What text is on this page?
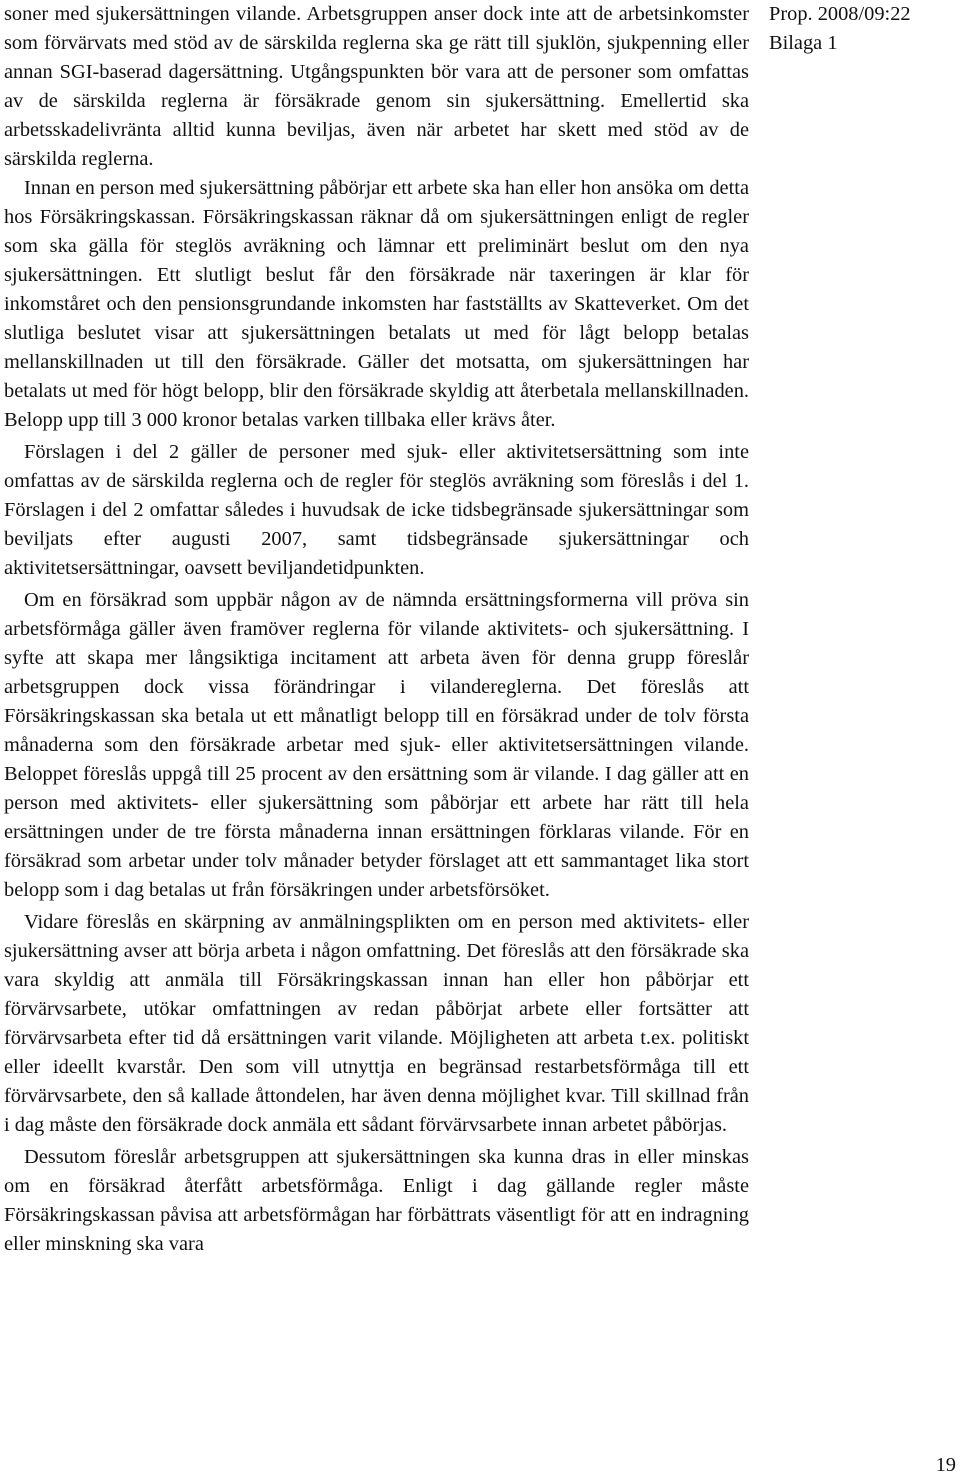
soner med sjukersättningen vilande. Arbetsgruppen anser dock inte att de arbetsinkomster som förvärvats med stöd av de särskilda reglerna ska ge rätt till sjuklön, sjukpenning eller annan SGI-baserad dagersättning. Utgångspunkten bör vara att de personer som omfattas av de särskilda reglerna är försäkrade genom sin sjukersättning. Emellertid ska arbetsskadelivränta alltid kunna beviljas, även när arbetet har skett med stöd av de särskilda reglerna.

Innan en person med sjukersättning påbörjar ett arbete ska han eller hon ansöka om detta hos Försäkringskassan. Försäkringskassan räknar då om sjukersättningen enligt de regler som ska gälla för steglös avräkning och lämnar ett preliminärt beslut om den nya sjukersättningen. Ett slutligt beslut får den försäkrade när taxeringen är klar för inkomståret och den pensionsgrundande inkomsten har fastställts av Skatteverket. Om det slutliga beslutet visar att sjukersättningen betalats ut med för lågt belopp betalas mellanskillnaden ut till den försäkrade. Gäller det motsatta, om sjukersättningen har betalats ut med för högt belopp, blir den försäkrade skyldig att återbetala mellanskillnaden. Belopp upp till 3 000 kronor betalas varken tillbaka eller krävs åter.

Förslagen i del 2 gäller de personer med sjuk- eller aktivitetsersättning som inte omfattas av de särskilda reglerna och de regler för steglös avräkning som föreslås i del 1. Förslagen i del 2 omfattar således i huvudsak de icke tidsbegränsade sjukersättningar som beviljats efter augusti 2007, samt tidsbegränsade sjukersättningar och aktivitetsersättningar, oavsett beviljandetidpunkten.

Om en försäkrad som uppbär någon av de nämnda ersättningsformerna vill pröva sin arbetsförmåga gäller även framöver reglerna för vilande aktivitets- och sjukersättning. I syfte att skapa mer långsiktiga incitament att arbeta även för denna grupp föreslår arbetsgruppen dock vissa förändringar i vilandereglerna. Det föreslås att Försäkringskassan ska betala ut ett månatligt belopp till en försäkrad under de tolv första månaderna som den försäkrade arbetar med sjuk- eller aktivitetsersättningen vilande. Beloppet föreslås uppgå till 25 procent av den ersättning som är vilande. I dag gäller att en person med aktivitets- eller sjukersättning som påbörjar ett arbete har rätt till hela ersättningen under de tre första månaderna innan ersättningen förklaras vilande. För en försäkrad som arbetar under tolv månader betyder förslaget att ett sammantaget lika stort belopp som i dag betalas ut från försäkringen under arbetsförsöket.

Vidare föreslås en skärpning av anmälningsplikten om en person med aktivitets- eller sjukersättning avser att börja arbeta i någon omfattning. Det föreslås att den försäkrade ska vara skyldig att anmäla till Försäkringskassan innan han eller hon påbörjar ett förvärvsarbete, utökar omfattningen av redan påbörjat arbete eller fortsätter att förvärvsarbeta efter tid då ersättningen varit vilande. Möjligheten att arbeta t.ex. politiskt eller ideellt kvarstår. Den som vill utnyttja en begränsad restarbetsförmåga till ett förvärvsarbete, den så kallade åttondelen, har även denna möjlighet kvar. Till skillnad från i dag måste den försäkrade dock anmäla ett sådant förvärvsarbete innan arbetet påbörjas.

Dessutom föreslår arbetsgruppen att sjukersättningen ska kunna dras in eller minskas om en försäkrad återfått arbetsförmåga. Enligt i dag gällande regler måste Försäkringskassan påvisa att arbetsförmågan har förbättrats väsentligt för att en indragning eller minskning ska vara

Prop. 2008/09:22
Bilaga 1
19
